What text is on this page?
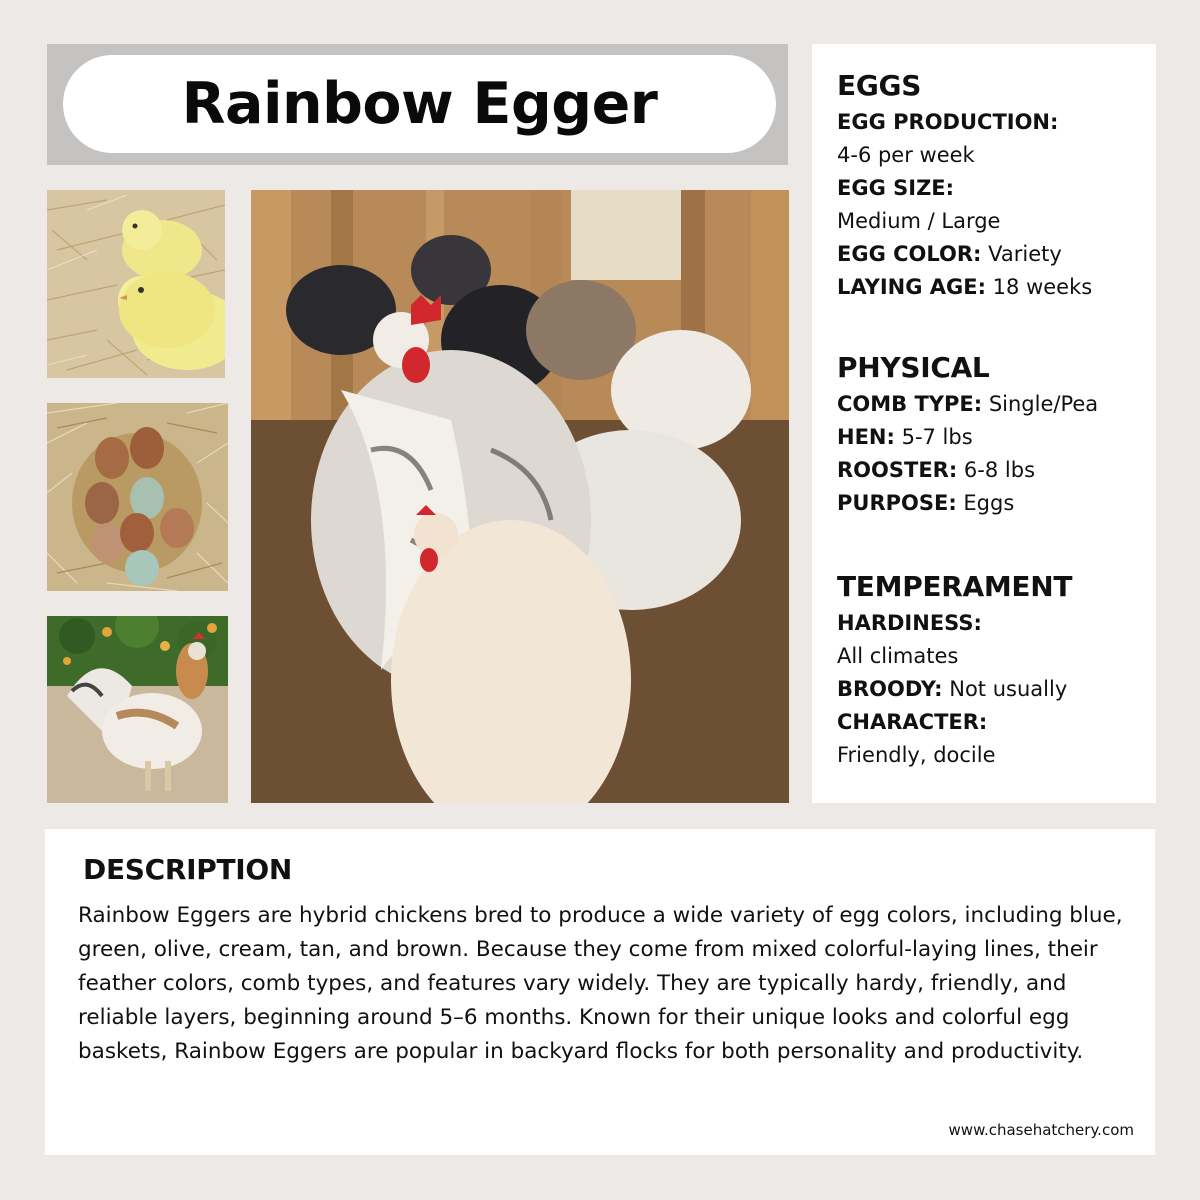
Rainbow Egger	EGGS
EGG PRODUCTION:
4-6 per week
EGG SIZE:
Medium / Large
EGG COLOR: Variety
LAYING AGE: 18 weeks
PHYSICAL
COMB TYPE: Single/Pea
HEN: 5-7 lbs
ROOSTER: 6-8 lbs
PURPOSE: Eggs
TEMPERAMENT
HARDINESS:
All climates
BROODY: Not usually
CHARACTER:
Friendly, docile
DESCRIPTION
Rainbow Eggers are hybrid chickens bred to produce a wide variety of egg colors, including blue, green, olive, cream, tan, and brown. Because they come from mixed colorful-laying lines, their feather colors, comb types, and features vary widely. They are typically hardy, friendly, and reliable layers, beginning around 5–6 months. Known for their unique looks and colorful egg baskets, Rainbow Eggers are popular in backyard flocks for both personality and productivity.
www.chasehatchery.com
